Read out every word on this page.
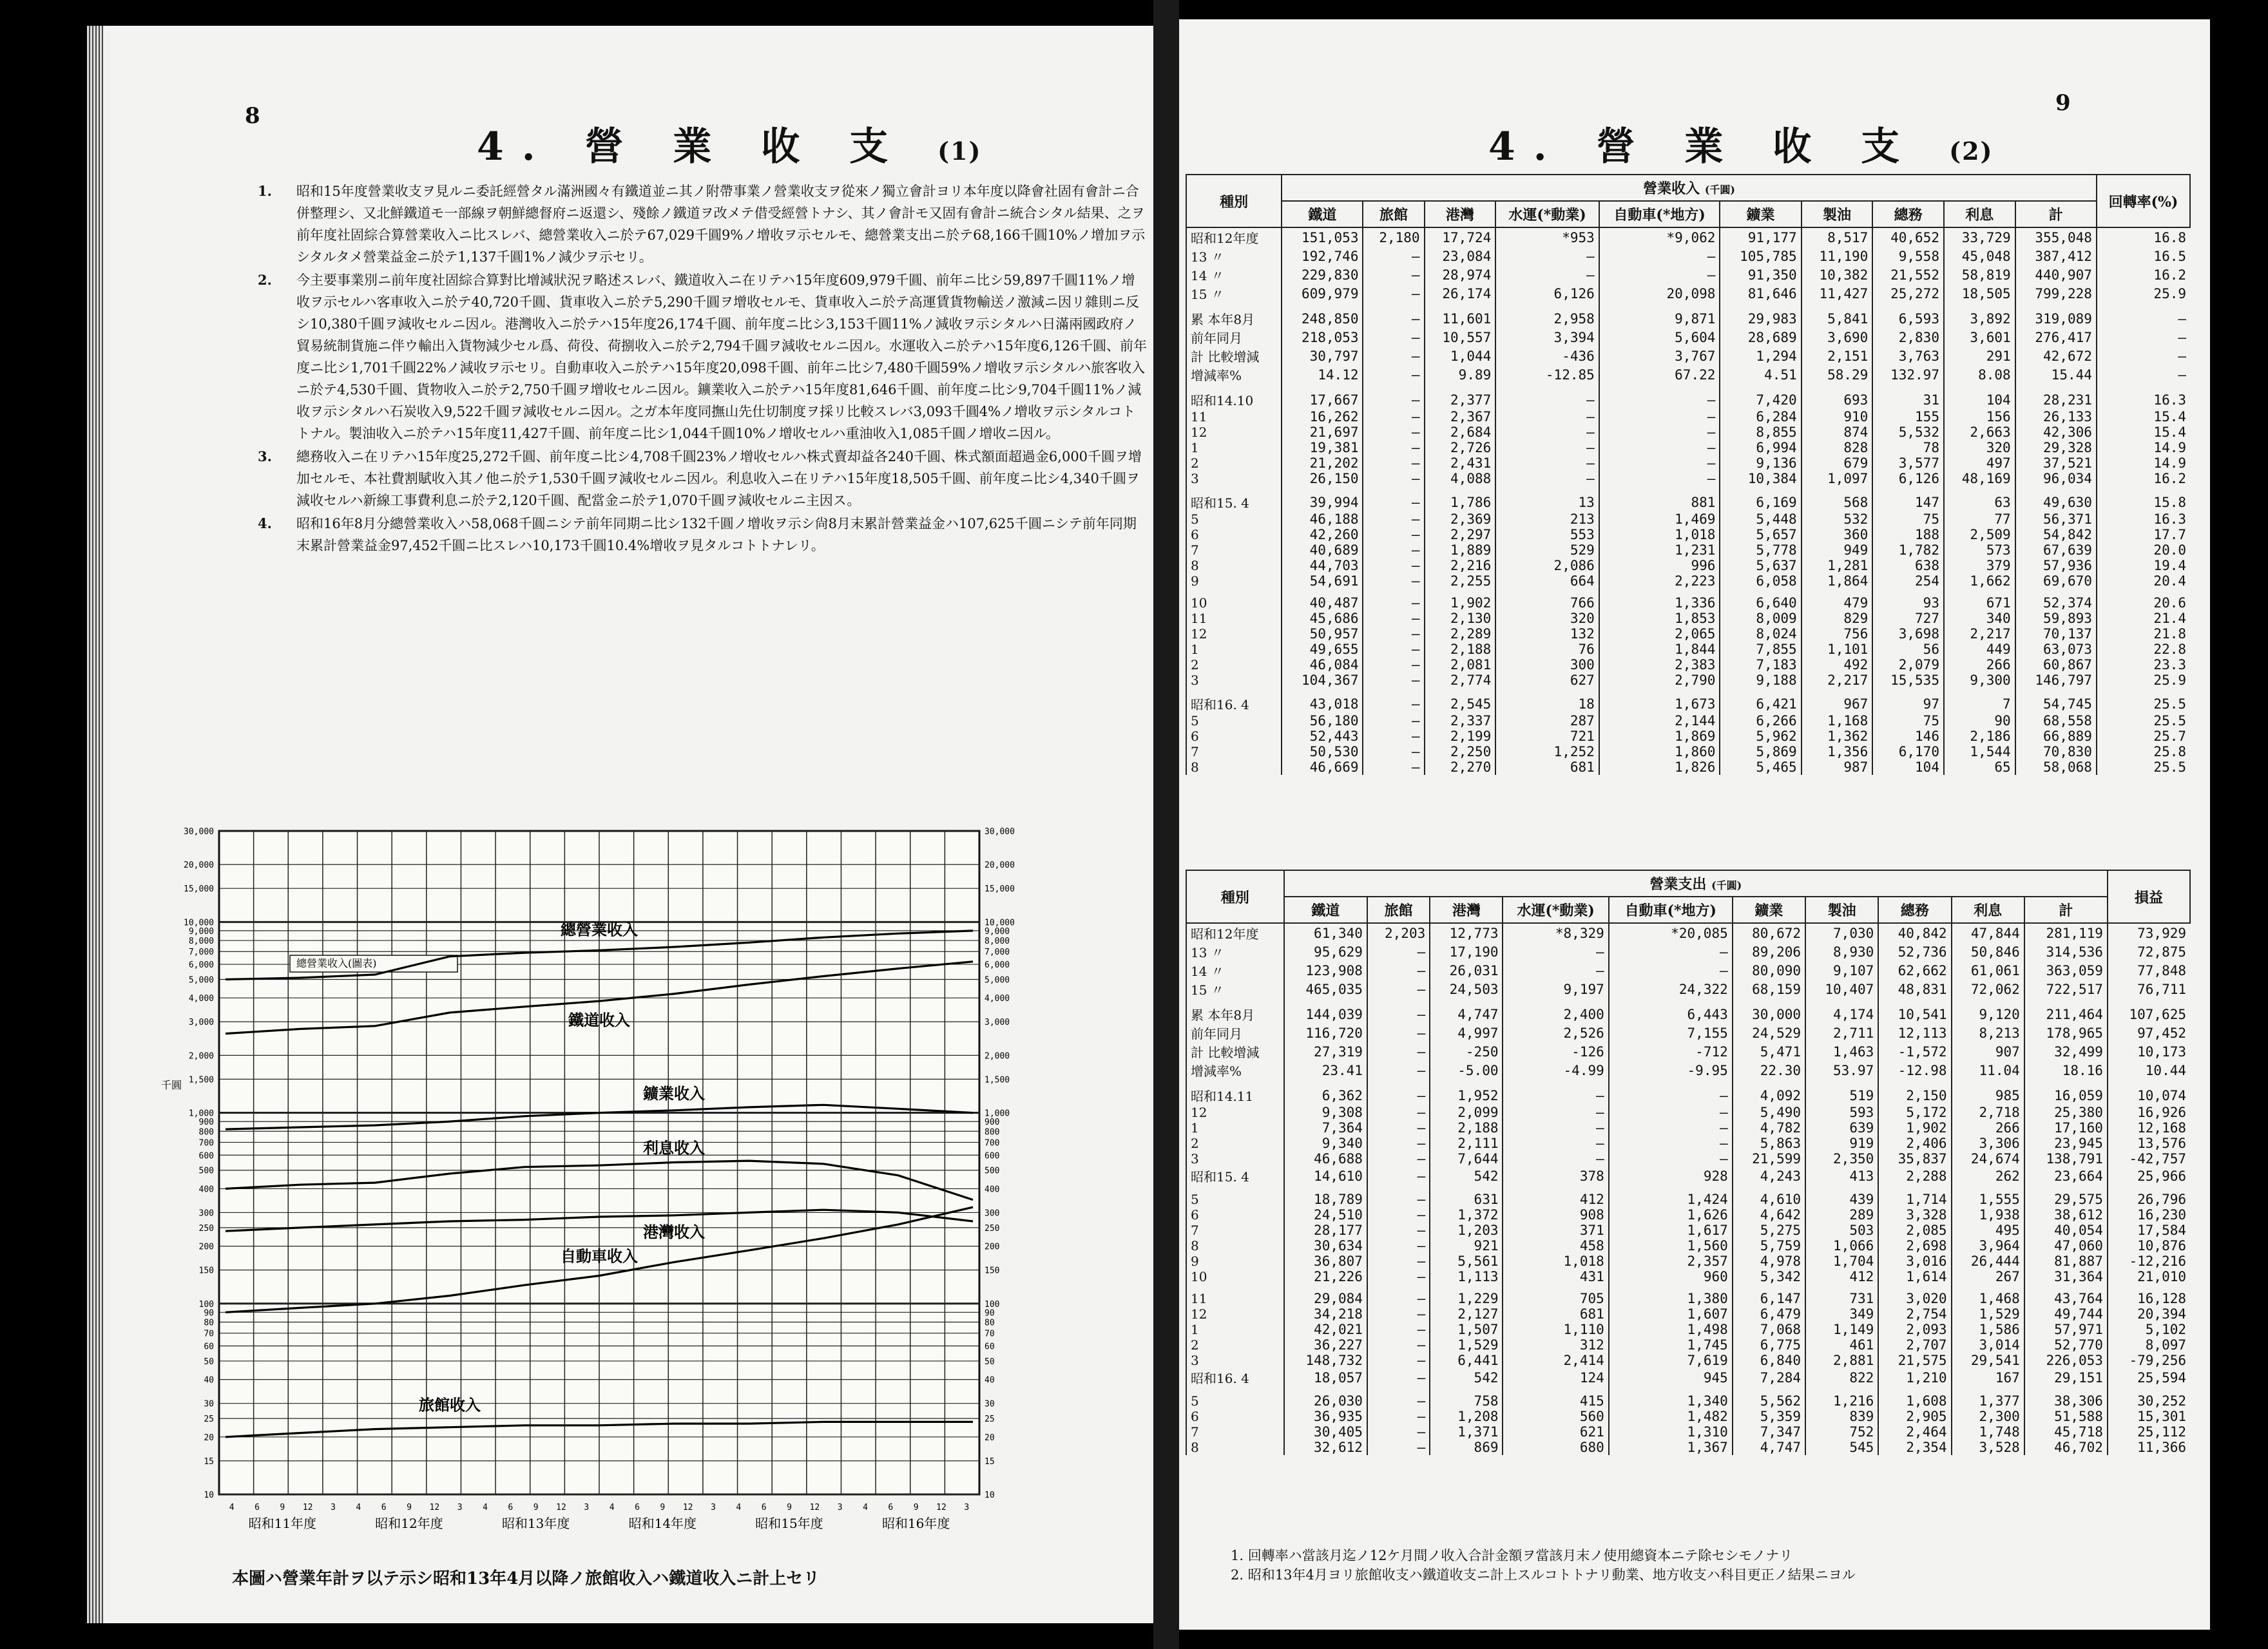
8
4. 營 業 收 支 (1)
1. 昭和15年度營業收支ヲ見ルニ委託經營タル滿洲國々有鐵道並ニ其ノ附帶事業ノ營業收支ヲ從來ノ獨立會計ヨリ本年度以降會社固有會計ニ合併整理シ、又北鮮鐵道モ一部線ヲ朝鮮總督府ニ返還シ、殘餘ノ鐵道ヲ改メテ借受經營トナシ、其ノ會計モ又固有會計ニ統合シタル結果、之ヲ前年度社固綜合算營業收入ニ比スレバ、總營業收入ニ於テ67,029千圓9%ノ增收ヲ示セルモ、總營業支出ニ於テ68,166千圓10%ノ增加ヲ示シタルタメ營業益金ニ於テ1,137千圓1%ノ減少ヲ示セリ。
2. 今主要事業別ニ前年度社固綜合算對比增減狀況ヲ略述スレバ、鐵道收入ニ在リテハ15年度609,979千圓、前年ニ比シ59,897千圓11%ノ增收ヲ示セルハ客車收入ニ於テ40,720千圓、貨車收入ニ於テ5,290千圓ヲ增收セルモ、貨車收入ニ於テ高運賃貨物輸送ノ激減ニ因リ雜則ニ反シ10,380千圓ヲ減收セルニ因ル。港灣收入ニ於テハ15年度26,174千圓、前年度ニ比シ3,153千圓11%ノ減收ヲ示シタルハ日滿兩國政府ノ貿易統制貨施ニ伴ウ輸出入貨物減少セル爲、荷役、荷捌收入ニ於テ2,794千圓ヲ減收セルニ因ル。水運收入ニ於テハ15年度6,126千圓、前年度ニ比シ1,701千圓22%ノ減收ヲ示セリ。自動車收入ニ於テハ15年度20,098千圓、前年ニ比シ7,480千圓59%ノ增收ヲ示シタルハ旅客收入ニ於テ4,530千圓、貨物收入ニ於テ2,750千圓ヲ增收セルニ因ル。鑛業收入ニ於テハ15年度81,646千圓、前年度ニ比シ9,704千圓11%ノ減收ヲ示シタルハ石炭收入9,522千圓ヲ減收セルニ因ル。之ガ本年度同撫山先仕切制度ヲ採リ比較スレバ3,093千圓4%ノ增收ヲ示シタルコトトナル。製油收入ニ於テハ15年度11,427千圓、前年度ニ比シ1,044千圓10%ノ增收セルハ重油收入1,085千圓ノ增收ニ因ル。
3. 總務收入ニ在リテハ15年度25,272千圓、前年度ニ比シ4,708千圓23%ノ增收セルハ株式賣却益各240千圓、株式額面超過金6,000千圓ヲ增加セルモ、本社費割賦收入其ノ他ニ於テ1,530千圓ヲ減收セルニ因ル。利息收入ニ在リテハ15年度18,505千圓、前年度ニ比シ4,340千圓ヲ減收セルハ新線工事費利息ニ於テ2,120千圓、配當金ニ於テ1,070千圓ヲ減收セルニ主因ス。
4. 昭和16年8月分總營業收入ハ58,068千圓ニシテ前年同期ニ比シ132千圓ノ增收ヲ示シ尙8月末累計營業益金ハ107,625千圓ニシテ前年同期末累計營業益金97,452千圓ニ比スレハ10,173千圓10.4%增收ヲ見タルコトトナレリ。
10	10
15	15
20	20
25	25
30	30
40	40
50	50
60	60
70	70
80	80
90	90
100	100
150	150
200	200
250	250
300	300
400	400
500	500
600	600
700	700
800	800
900	900
1,000	1,000
1,500	1,500
2,000	2,000
3,000	3,000
4,000	4,000
5,000	5,000
6,000	6,000
7,000	7,000
8,000	8,000
9,000	9,000
10,000	10,000
15,000	15,000
20,000	20,000
30,000	30,000
昭和11年度	昭和12年度	昭和13年度	昭和14年度	昭和15年度	昭和16年度
4 6 9 12 3 4 6 9 12 3 4 6 9 12 3 4 6 9 12 3 4 6 9 12 3 4 6 9 12 3
千圓
總營業收入(圖表)
總營業收入
鐵道收入
鑛業收入
利息收入
港灣收入
自動車收入
旅館收入
本圖ハ營業年計ヲ以テ示シ昭和13年4月以降ノ旅館收入ハ鐵道收入ニ計上セリ
9
4. 營 業 收 支 (2)
種別	營業收入 (千圓)										回轉率(%)
	鐵道	旅館	港灣	水運(*動業)	自動車(*地方)	鑛業	製油	總務	利息	計	
昭和12年度	151,053	2,180	17,724	*953	*9,062	91,177	8,517	40,652	33,729	355,048	16.8
13 〃	192,746	—	23,084	—	—	105,785	11,190	9,558	45,048	387,412	16.5
14 〃	229,830	—	28,974	—	—	91,350	10,382	21,552	58,819	440,907	16.2
15 〃	609,979	—	26,174	6,126	20,098	81,646	11,427	25,272	18,505	799,228	25.9
累 本年8月	248,850	—	11,601	2,958	9,871	29,983	5,841	6,593	3,892	319,089	—
前年同月	218,053	—	10,557	3,394	5,604	28,689	3,690	2,830	3,601	276,417	—
計 比較增減	30,797	—	1,044	-436	3,767	1,294	2,151	3,763	291	42,672	—
增減率%	14.12	—	9.89	-12.85	67.22	4.51	58.29	132.97	8.08	15.44	—
昭和14.10	17,667	—	2,377	—	—	7,420	693	31	104	28,231	16.3
11	16,262	—	2,367	—	—	6,284	910	155	156	26,133	15.4
12	21,697	—	2,684	—	—	8,855	874	5,532	2,663	42,306	15.4
1	19,381	—	2,726	—	—	6,994	828	78	320	29,328	14.9
2	21,202	—	2,431	—	—	9,136	679	3,577	497	37,521	14.9
3	26,150	—	4,088	—	—	10,384	1,097	6,126	48,169	96,034	16.2
昭和15. 4	39,994	—	1,786	13	881	6,169	568	147	63	49,630	15.8
5	46,188	—	2,369	213	1,469	5,448	532	75	77	56,371	16.3
6	42,260	—	2,297	553	1,018	5,657	360	188	2,509	54,842	17.7
7	40,689	—	1,889	529	1,231	5,778	949	1,782	573	67,639	20.0
8	44,703	—	2,216	2,086	996	5,637	1,281	638	379	57,936	19.4
9	54,691	—	2,255	664	2,223	6,058	1,864	254	1,662	69,670	20.4
10	40,487	—	1,902	766	1,336	6,640	479	93	671	52,374	20.6
11	45,686	—	2,130	320	1,853	8,009	829	727	340	59,893	21.4
12	50,957	—	2,289	132	2,065	8,024	756	3,698	2,217	70,137	21.8
1	49,655	—	2,188	76	1,844	7,855	1,101	56	449	63,073	22.8
2	46,084	—	2,081	300	2,383	7,183	492	2,079	266	60,867	23.3
3	104,367	—	2,774	627	2,790	9,188	2,217	15,535	9,300	146,797	25.9
昭和16. 4	43,018	—	2,545	18	1,673	6,421	967	97	7	54,745	25.5
5	56,180	—	2,337	287	2,144	6,266	1,168	75	90	68,558	25.5
6	52,443	—	2,199	721	1,869	5,962	1,362	146	2,186	66,889	25.7
7	50,530	—	2,250	1,252	1,860	5,869	1,356	6,170	1,544	70,830	25.8
8	46,669	—	2,270	681	1,826	5,465	987	104	65	58,068	25.5
種別	營業支出 (千圓)										損益
	鐵道	旅館	港灣	水運(*動業)	自動車(*地方)	鑛業	製油	總務	利息	計	
昭和12年度	61,340	2,203	12,773	*8,329	*20,085	80,672	7,030	40,842	47,844	281,119	73,929
13 〃	95,629	—	17,190	—	—	89,206	8,930	52,736	50,846	314,536	72,875
14 〃	123,908	—	26,031	—	—	80,090	9,107	62,662	61,061	363,059	77,848
15 〃	465,035	—	24,503	9,197	24,322	68,159	10,407	48,831	72,062	722,517	76,711
累 本年8月	144,039	—	4,747	2,400	6,443	30,000	4,174	10,541	9,120	211,464	107,625
前年同月	116,720	—	4,997	2,526	7,155	24,529	2,711	12,113	8,213	178,965	97,452
計 比較增減	27,319	—	-250	-126	-712	5,471	1,463	-1,572	907	32,499	10,173
增減率%	23.41	—	-5.00	-4.99	-9.95	22.30	53.97	-12.98	11.04	18.16	10.44
昭和14.11	6,362	—	1,952	—	—	4,092	519	2,150	985	16,059	10,074
12	9,308	—	2,099	—	—	5,490	593	5,172	2,718	25,380	16,926
1	7,364	—	2,188	—	—	4,782	639	1,902	266	17,160	12,168
2	9,340	—	2,111	—	—	5,863	919	2,406	3,306	23,945	13,576
3	46,688	—	7,644	—	—	21,599	2,350	35,837	24,674	138,791	-42,757
昭和15. 4	14,610	—	542	378	928	4,243	413	2,288	262	23,664	25,966
5	18,789	—	631	412	1,424	4,610	439	1,714	1,555	29,575	26,796
6	24,510	—	1,372	908	1,626	4,642	289	3,328	1,938	38,612	16,230
7	28,177	—	1,203	371	1,617	5,275	503	2,085	495	40,054	17,584
8	30,634	—	921	458	1,560	5,759	1,066	2,698	3,964	47,060	10,876
9	36,807	—	5,561	1,018	2,357	4,978	1,704	3,016	26,444	81,887	-12,216
10	21,226	—	1,113	431	960	5,342	412	1,614	267	31,364	21,010
11	29,084	—	1,229	705	1,380	6,147	731	3,020	1,468	43,764	16,128
12	34,218	—	2,127	681	1,607	6,479	349	2,754	1,529	49,744	20,394
1	42,021	—	1,507	1,110	1,498	7,068	1,149	2,093	1,586	57,971	5,102
2	36,227	—	1,529	312	1,745	6,775	461	2,707	3,014	52,770	8,097
3	148,732	—	6,441	2,414	7,619	6,840	2,881	21,575	29,541	226,053	-79,256
昭和16. 4	18,057	—	542	124	945	7,284	822	1,210	167	29,151	25,594
5	26,030	—	758	415	1,340	5,562	1,216	1,608	1,377	38,306	30,252
6	36,935	—	1,208	560	1,482	5,359	839	2,905	2,300	51,588	15,301
7	30,405	—	1,371	621	1,310	7,347	752	2,464	1,748	45,718	25,112
8	32,612	—	869	680	1,367	4,747	545	2,354	3,528	46,702	11,366
1. 回轉率ハ當該月迄ノ12ケ月間ノ收入合計金額ヲ當該月末ノ使用總資本ニテ除セシモノナリ
2. 昭和13年4月ヨリ旅館收支ハ鐵道收支ニ計上スルコトトナリ動業、地方收支ハ科目更正ノ結果ニヨル
